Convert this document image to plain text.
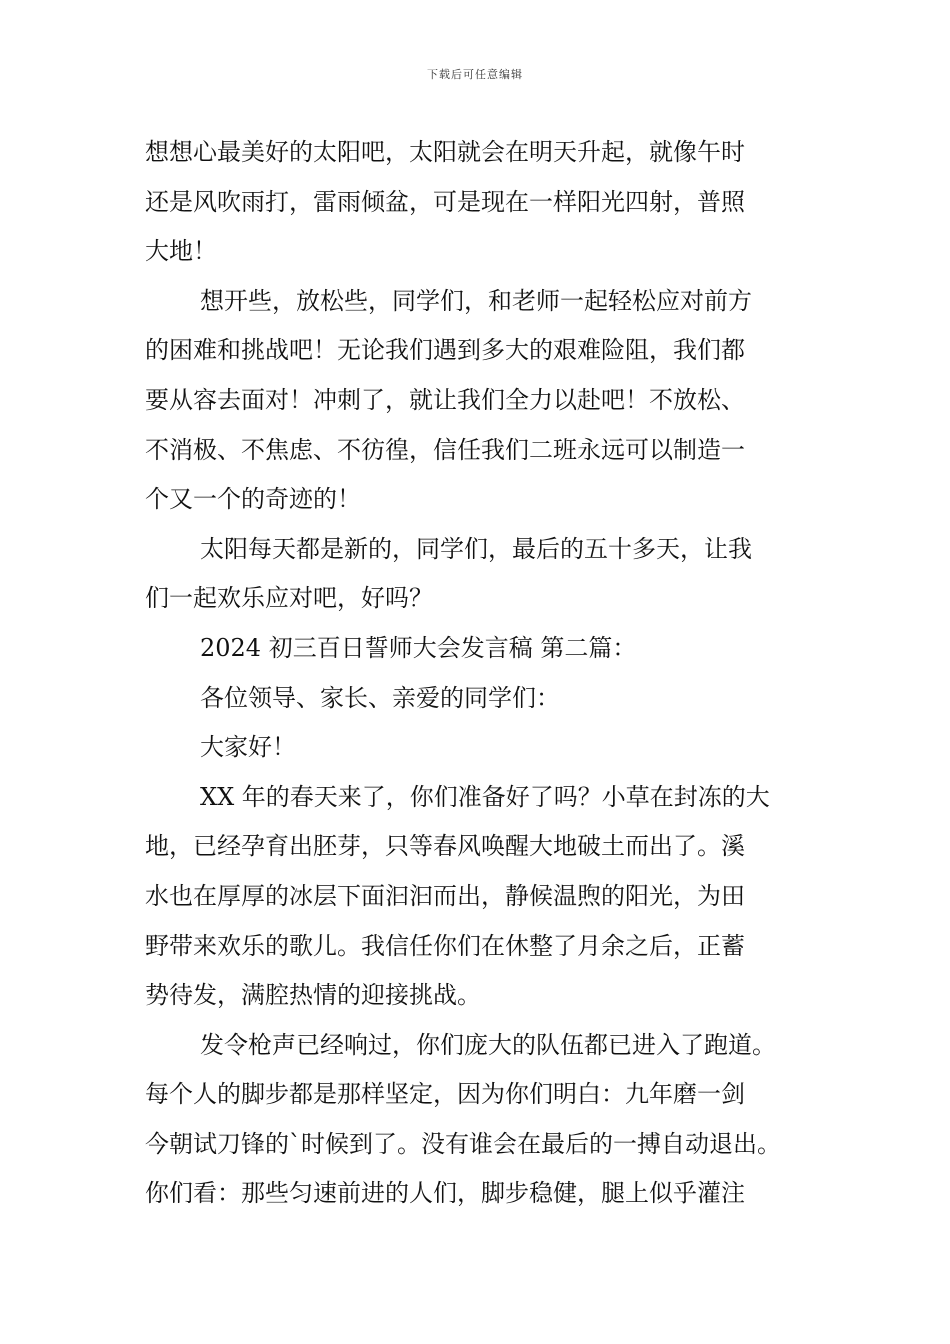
下载后可任意编辑
想想心最美好的太阳吧，太阳就会在明天升起，就像午时
还是风吹雨打，雷雨倾盆，可是现在一样阳光四射，普照
大地！
想开些，放松些，同学们，和老师一起轻松应对前方
的困难和挑战吧！无论我们遇到多大的艰难险阻，我们都
要从容去面对！冲刺了，就让我们全力以赴吧！不放松、
不消极、不焦虑、不彷徨，信任我们二班永远可以制造一
个又一个的奇迹的！
太阳每天都是新的，同学们，最后的五十多天，让我
们一起欢乐应对吧，好吗？
2024 初三百日誓师大会发言稿 第二篇：
各位领导、家长、亲爱的同学们：
大家好！
XX 年的春天来了，你们准备好了吗？小草在封冻的大
地，已经孕育出胚芽，只等春风唤醒大地破土而出了。溪
水也在厚厚的冰层下面汩汩而出，静候温煦的阳光，为田
野带来欢乐的歌儿。我信任你们在休整了月余之后，正蓄
势待发，满腔热情的迎接挑战。
发令枪声已经响过，你们庞大的队伍都已进入了跑道。
每个人的脚步都是那样坚定，因为你们明白：九年磨一剑
今朝试刀锋的`时候到了。没有谁会在最后的一搏自动退出。
你们看：那些匀速前进的人们，脚步稳健，腿上似乎灌注
